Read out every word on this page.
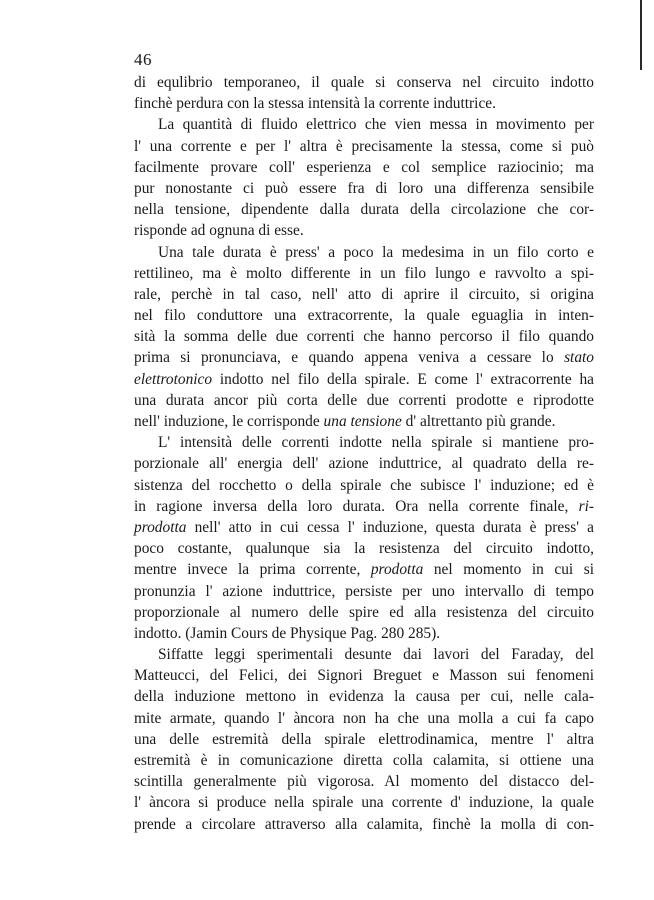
46
di equlibrio temporaneo, il quale si conserva nel circuito indotto
finchè perdura con la stessa intensità la corrente induttrice.
La quantità di fluido elettrico che vien messa in movimento per
l' una corrente e per l' altra è precisamente la stessa, come si può
facilmente provare coll' esperienza e col semplice raziocinio; ma
pur nonostante ci può essere fra di loro una differenza sensibile
nella tensione, dipendente dalla durata della circolazione che cor-
risponde ad ognuna di esse.
Una tale durata è press' a poco la medesima in un filo corto e
rettilineo, ma è molto differente in un filo lungo e ravvolto a spi-
rale, perchè in tal caso, nell' atto di aprire il circuito, si origina
nel filo conduttore una extracorrente, la quale eguaglia in inten-
sità la somma delle due correnti che hanno percorso il filo quando
prima si pronunciava, e quando appena veniva a cessare lo stato
elettrotonico indotto nel filo della spirale. E come l' extracorrente ha
una durata ancor più corta delle due correnti prodotte e riprodotte
nell' induzione, le corrisponde una tensione d' altrettanto più grande.
L' intensità delle correnti indotte nella spirale si mantiene pro-
porzionale all' energia dell' azione induttrice, al quadrato della re-
sistenza del rocchetto o della spirale che subisce l' induzione; ed è
in ragione inversa della loro durata. Ora nella corrente finale, ri-
prodotta nell' atto in cui cessa l' induzione, questa durata è press' a
poco costante, qualunque sia la resistenza del circuito indotto,
mentre invece la prima corrente, prodotta nel momento in cui si
pronunzia l' azione induttrice, persiste per uno intervallo di tempo
proporzionale al numero delle spire ed alla resistenza del circuito
indotto. (Jamin Cours de Physique Pag. 280 285).
Siffatte leggi sperimentali desunte dai lavori del Faraday, del
Matteucci, del Felici, dei Signori Breguet e Masson sui fenomeni
della induzione mettono in evidenza la causa per cui, nelle cala-
mite armate, quando l' àncora non ha che una molla a cui fa capo
una delle estremità della spirale elettrodinamica, mentre l' altra
estremità è in comunicazione diretta colla calamita, si ottiene una
scintilla generalmente più vigorosa. Al momento del distacco del-
l' àncora si produce nella spirale una corrente d' induzione, la quale
prende a circolare attraverso alla calamita, finchè la molla di con-
